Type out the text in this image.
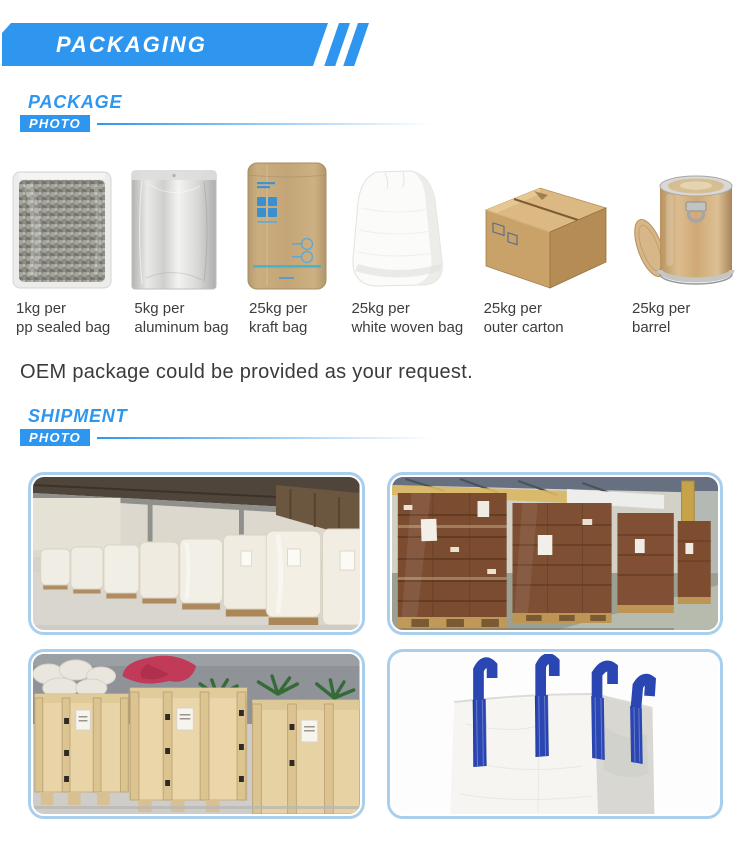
PACKAGING
PACKAGE
PHOTO
1kg per
pp sealed bag
5kg per
aluminum bag
25kg per
kraft bag
25kg per
white woven bag
25kg per
outer carton
25kg per
barrel

OEM package could be provided as your request.

SHIPMENT
PHOTO
